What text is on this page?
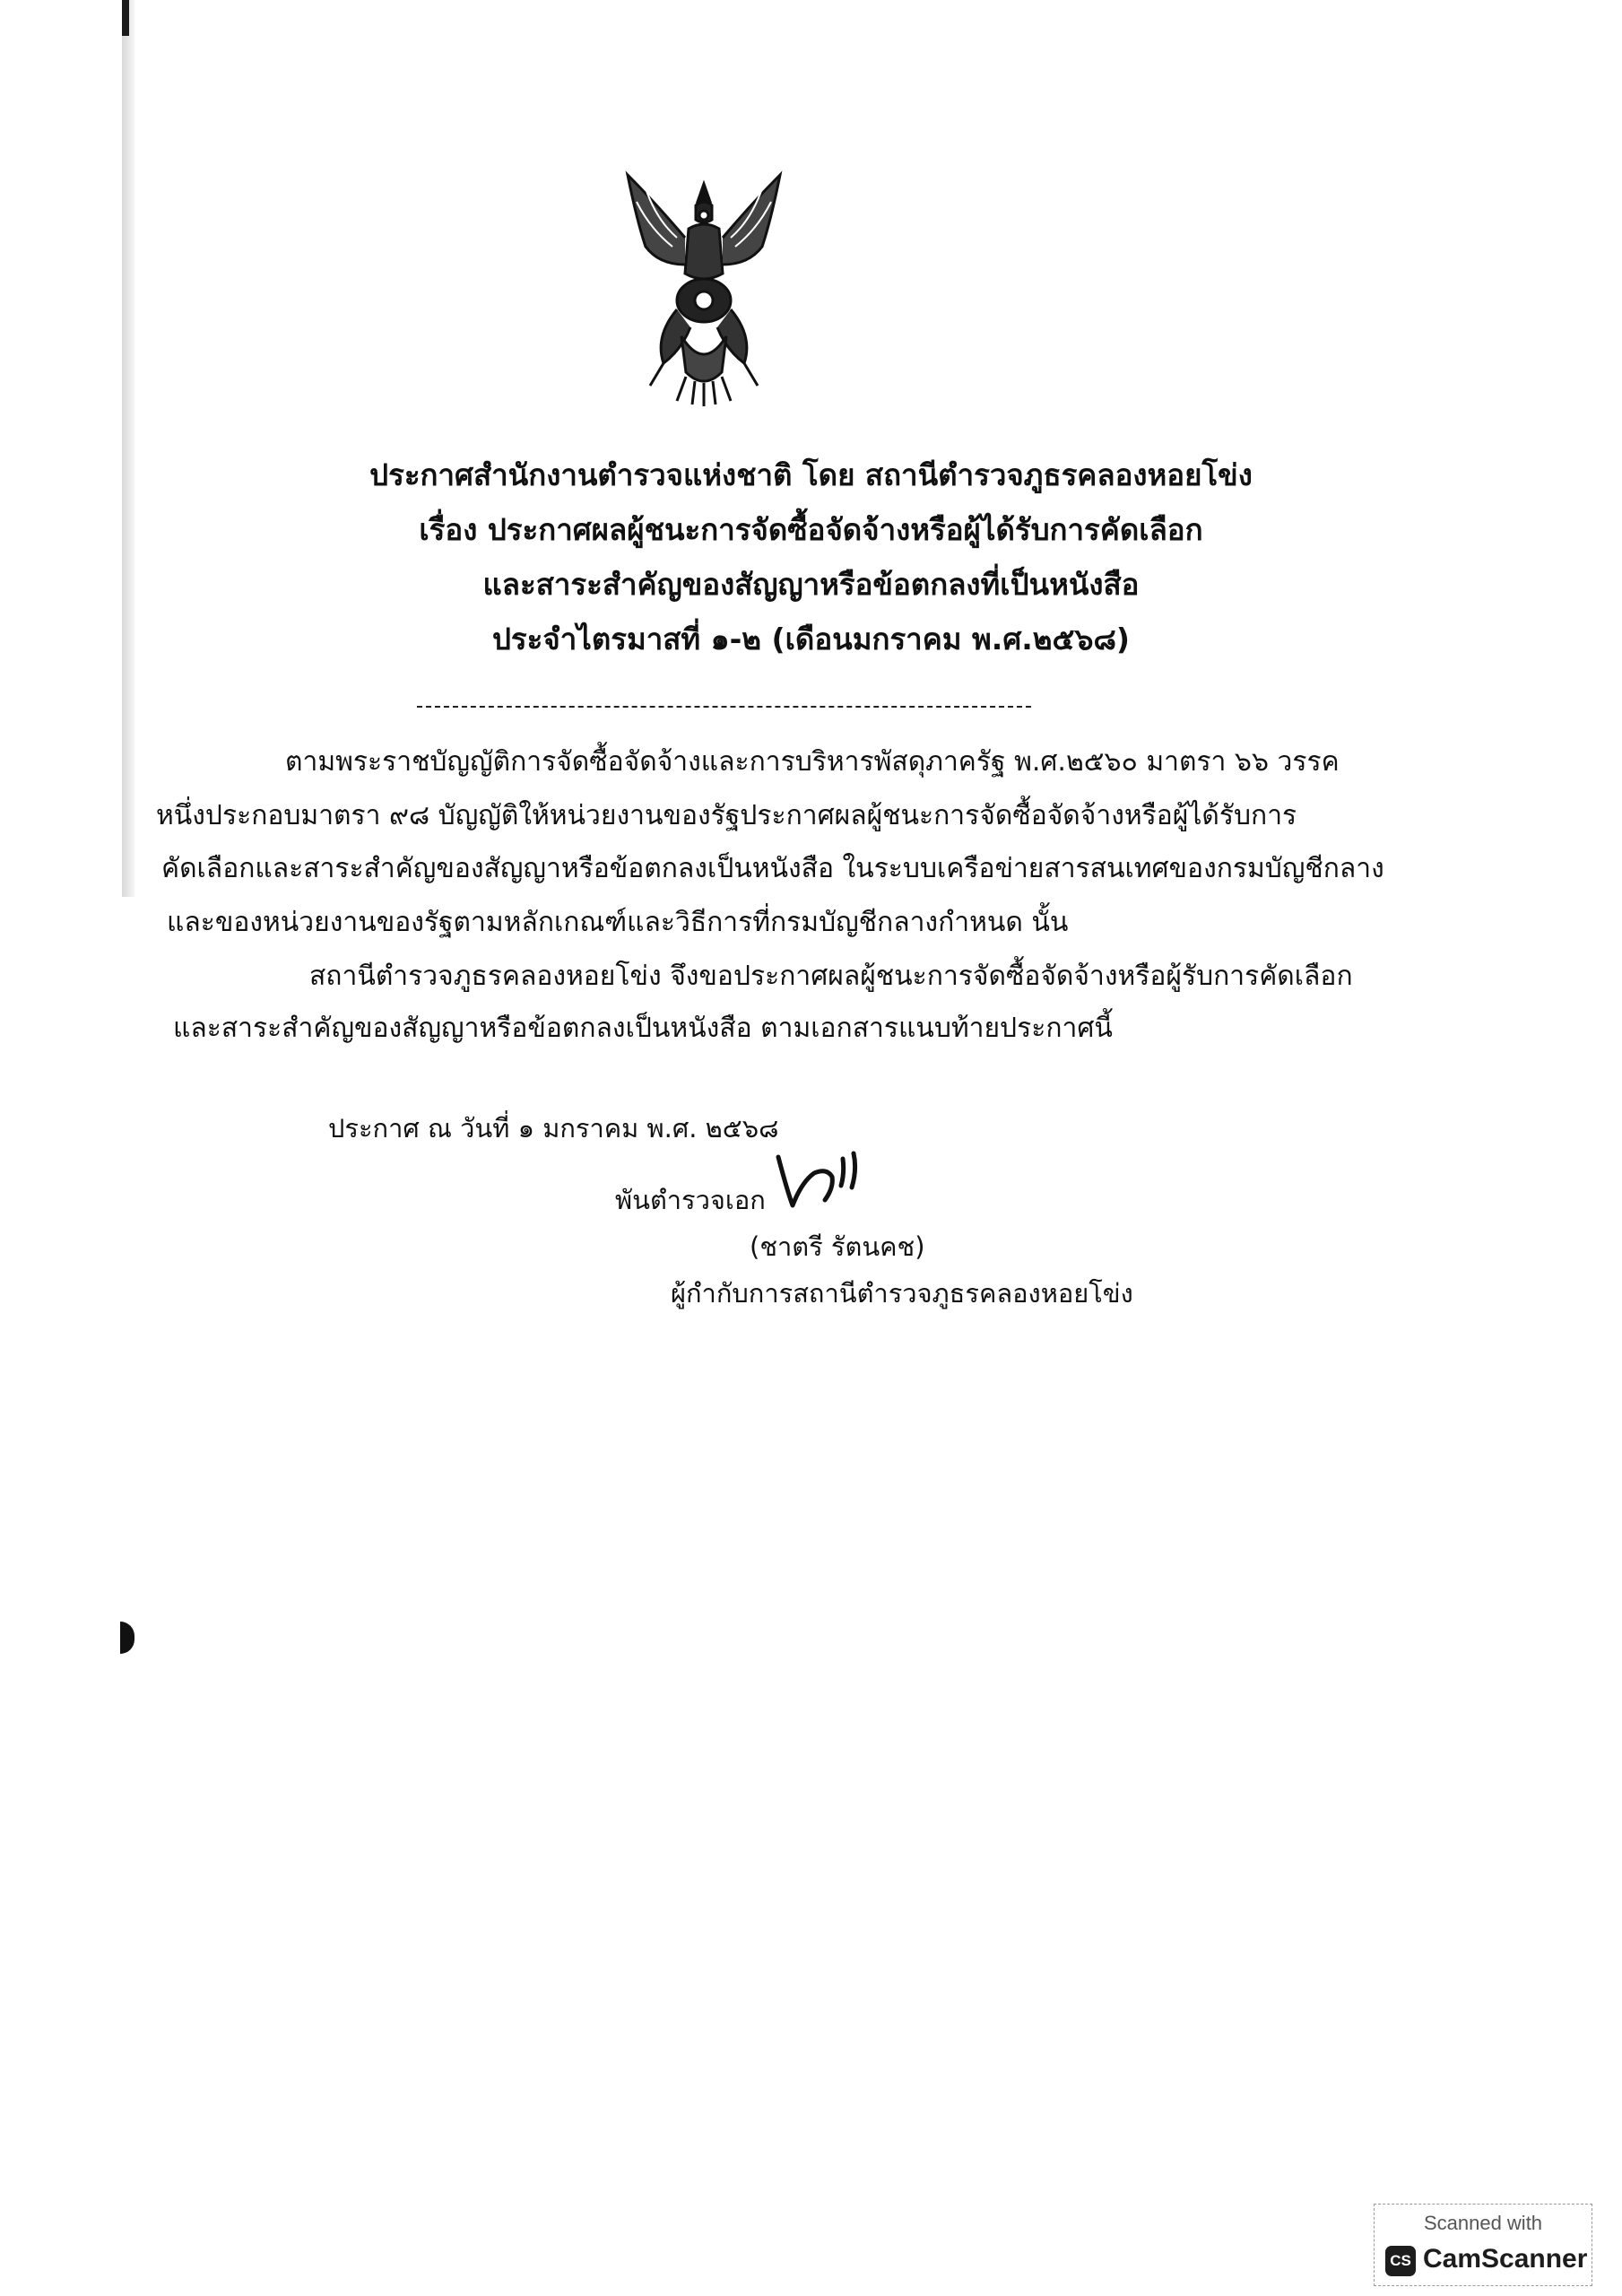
ประกาศสำนักงานตำรวจแห่งชาติ โดย สถานีตำรวจภูธรคลองหอยโข่ง
เรื่อง ประกาศผลผู้ชนะการจัดซื้อจัดจ้างหรือผู้ได้รับการคัดเลือก
และสาระสำคัญของสัญญาหรือข้อตกลงที่เป็นหนังสือ
ประจำไตรมาสที่ ๑-๒ (เดือนมกราคม พ.ศ.๒๕๖๘)
ตามพระราชบัญญัติการจัดซื้อจัดจ้างและการบริหารพัสดุภาครัฐ พ.ศ.๒๕๖๐ มาตรา ๖๖ วรรค
หนึ่งประกอบมาตรา ๙๘ บัญญัติให้หน่วยงานของรัฐประกาศผลผู้ชนะการจัดซื้อจัดจ้างหรือผู้ได้รับการ
คัดเลือกและสาระสำคัญของสัญญาหรือข้อตกลงเป็นหนังสือ ในระบบเครือข่ายสารสนเทศของกรมบัญชีกลาง
และของหน่วยงานของรัฐตามหลักเกณฑ์และวิธีการที่กรมบัญชีกลางกำหนด นั้น
สถานีตำรวจภูธรคลองหอยโข่ง จึงขอประกาศผลผู้ชนะการจัดซื้อจัดจ้างหรือผู้รับการคัดเลือก
และสาระสำคัญของสัญญาหรือข้อตกลงเป็นหนังสือ ตามเอกสารแนบท้ายประกาศนี้
ประกาศ ณ วันที่ ๑ มกราคม พ.ศ. ๒๕๖๘
พันตำรวจเอก
(ชาตรี รัตนคช)
ผู้กำกับการสถานีตำรวจภูธรคลองหอยโข่ง
Scanned with
CS CamScanner
